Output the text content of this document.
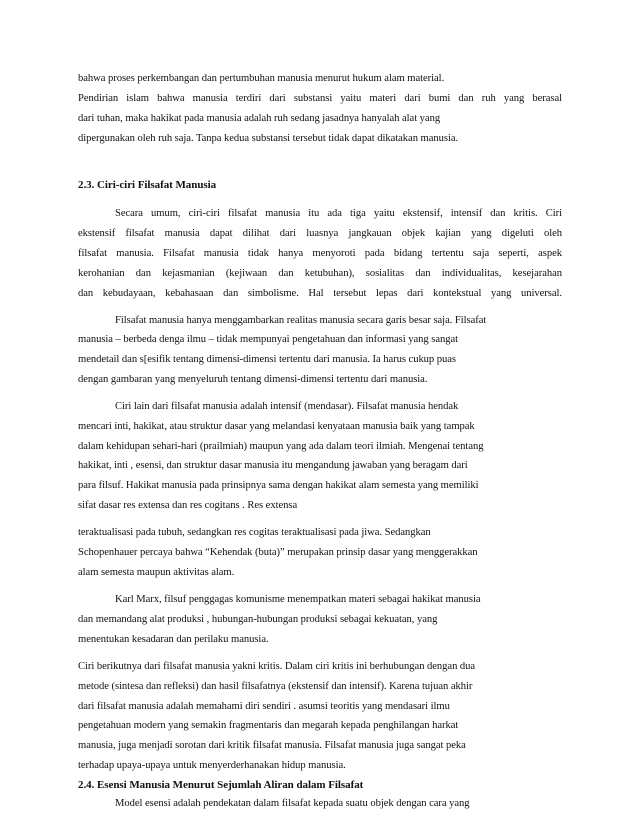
bahwa proses perkembangan dan pertumbuhan manusia menurut hukum alam material.
Pendirian islam bahwa manusia terdiri dari substansi yaitu materi dari bumi dan ruh yang berasal
dari tuhan, maka hakikat pada manusia adalah ruh sedang jasadnya hanyalah alat yang
dipergunakan oleh ruh saja. Tanpa kedua substansi tersebut tidak dapat dikatakan manusia.
2.3. Ciri-ciri Filsafat Manusia
Secara umum, ciri-ciri filsafat manusia itu ada tiga yaitu ekstensif, intensif dan kritis. Ciri
ekstensif filsafat manusia dapat dilihat dari luasnya jangkauan objek kajian yang digeluti oleh
filsafat manusia. Filsafat manusia tidak hanya menyoroti pada bidang tertentu saja seperti, aspek
kerohanian dan kejasmanian (kejiwaan dan ketubuhan), sosialitas dan individualitas, kesejarahan
dan kebudayaan, kebahasaan dan simbolisme. Hal tersebut lepas dari kontekstual yang universal.
Filsafat manusia hanya menggambarkan realitas manusia secara garis besar saja. Filsafat
manusia – berbeda denga ilmu – tidak mempunyai pengetahuan dan informasi yang sangat
mendetail dan s[esifik tentang dimensi-dimensi tertentu dari manusia. Ia harus cukup puas
dengan gambaran yang menyeluruh tentang dimensi-dimensi tertentu dari manusia.
Ciri lain dari filsafat manusia adalah intensif (mendasar). Filsafat manusia hendak
mencari inti, hakikat, atau struktur dasar yang melandasi kenyataan manusia baik yang tampak
dalam kehidupan sehari-hari (prailmiah) maupun yang ada dalam teori ilmiah. Mengenai tentang
hakikat, inti , esensi, dan struktur dasar manusia itu mengandung jawaban yang beragam dari
para filsuf. Hakikat manusia pada prinsipnya sama dengan hakikat alam semesta yang memiliki
sifat dasar res extensa dan res cogitans . Res extensa
teraktualisasi pada tubuh, sedangkan res cogitas teraktualisasi pada jiwa. Sedangkan
Schopenhauer percaya bahwa “Kehendak (buta)” merupakan prinsip dasar yang menggerakkan
alam semesta maupun aktivitas alam.
Karl Marx, filsuf penggagas komunisme menempatkan materi sebagai hakikat manusia
dan memandang alat produksi , hubungan-hubungan produksi sebagai kekuatan, yang
menentukan kesadaran dan perilaku manusia.
Ciri berikutnya dari filsafat manusia yakni kritis. Dalam ciri kritis ini berhubungan dengan dua
metode (sintesa dan refleksi) dan hasil filsafatnya (ekstensif dan intensif). Karena tujuan akhir
dari filsafat manusia adalah memahami diri sendiri . asumsi teoritis yang mendasari ilmu
pengetahuan modern yang semakin fragmentaris dan megarah kepada penghilangan harkat
manusia, juga menjadi sorotan dari kritik filsafat manusia. Filsafat manusia juga sangat peka
terhadap upaya-upaya untuk menyerderhanakan hidup manusia.
2.4. Esensi Manusia Menurut Sejumlah Aliran dalam Filsafat
Model esensi adalah pendekatan dalam filsafat kepada suatu objek dengan cara yang
